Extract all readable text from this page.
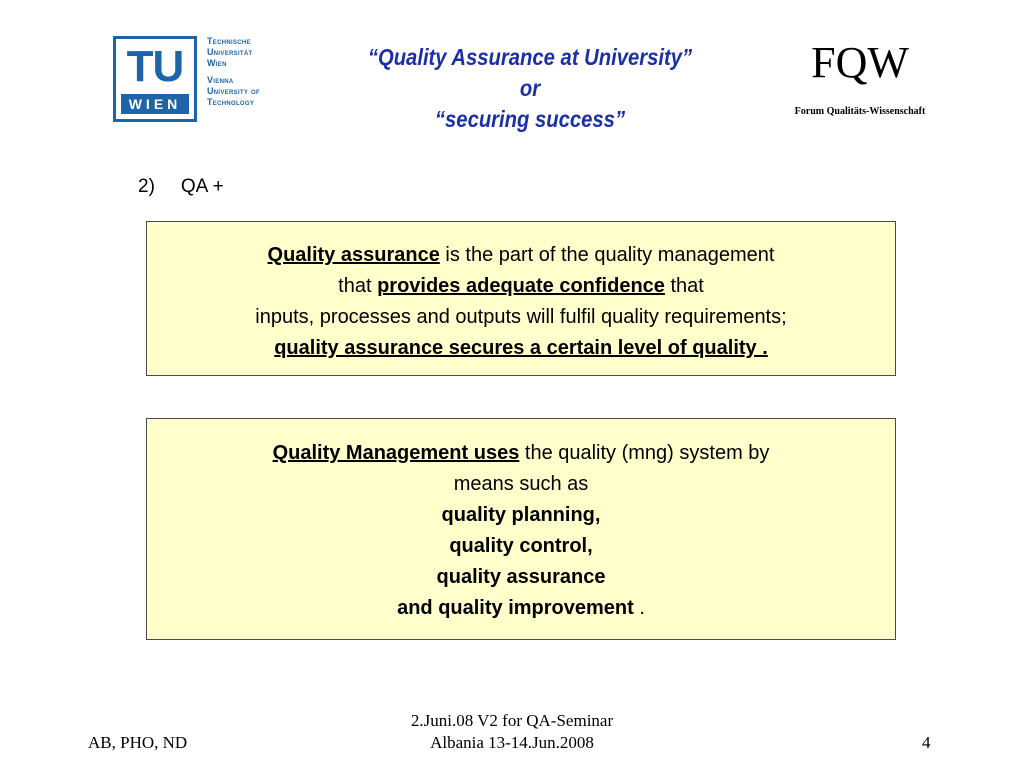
TU
WIEN
Technische
Universität
Wien
Vienna
University of
Technology
“Quality Assurance at University”
or
“securing success”
FQW
Forum Qualitäts-Wissenschaft
2) QA +
Quality assurance is the part of the quality management
that provides adequate confidence that
inputs, processes and outputs will fulfil quality requirements;
quality assurance secures a certain level of quality .
Quality Management uses the quality (mng) system by
means such as
quality planning,
quality control,
quality assurance
and quality improvement .
AB, PHO, ND
2.Juni.08 V2 for QA-Seminar
Albania 13-14.Jun.2008	4
